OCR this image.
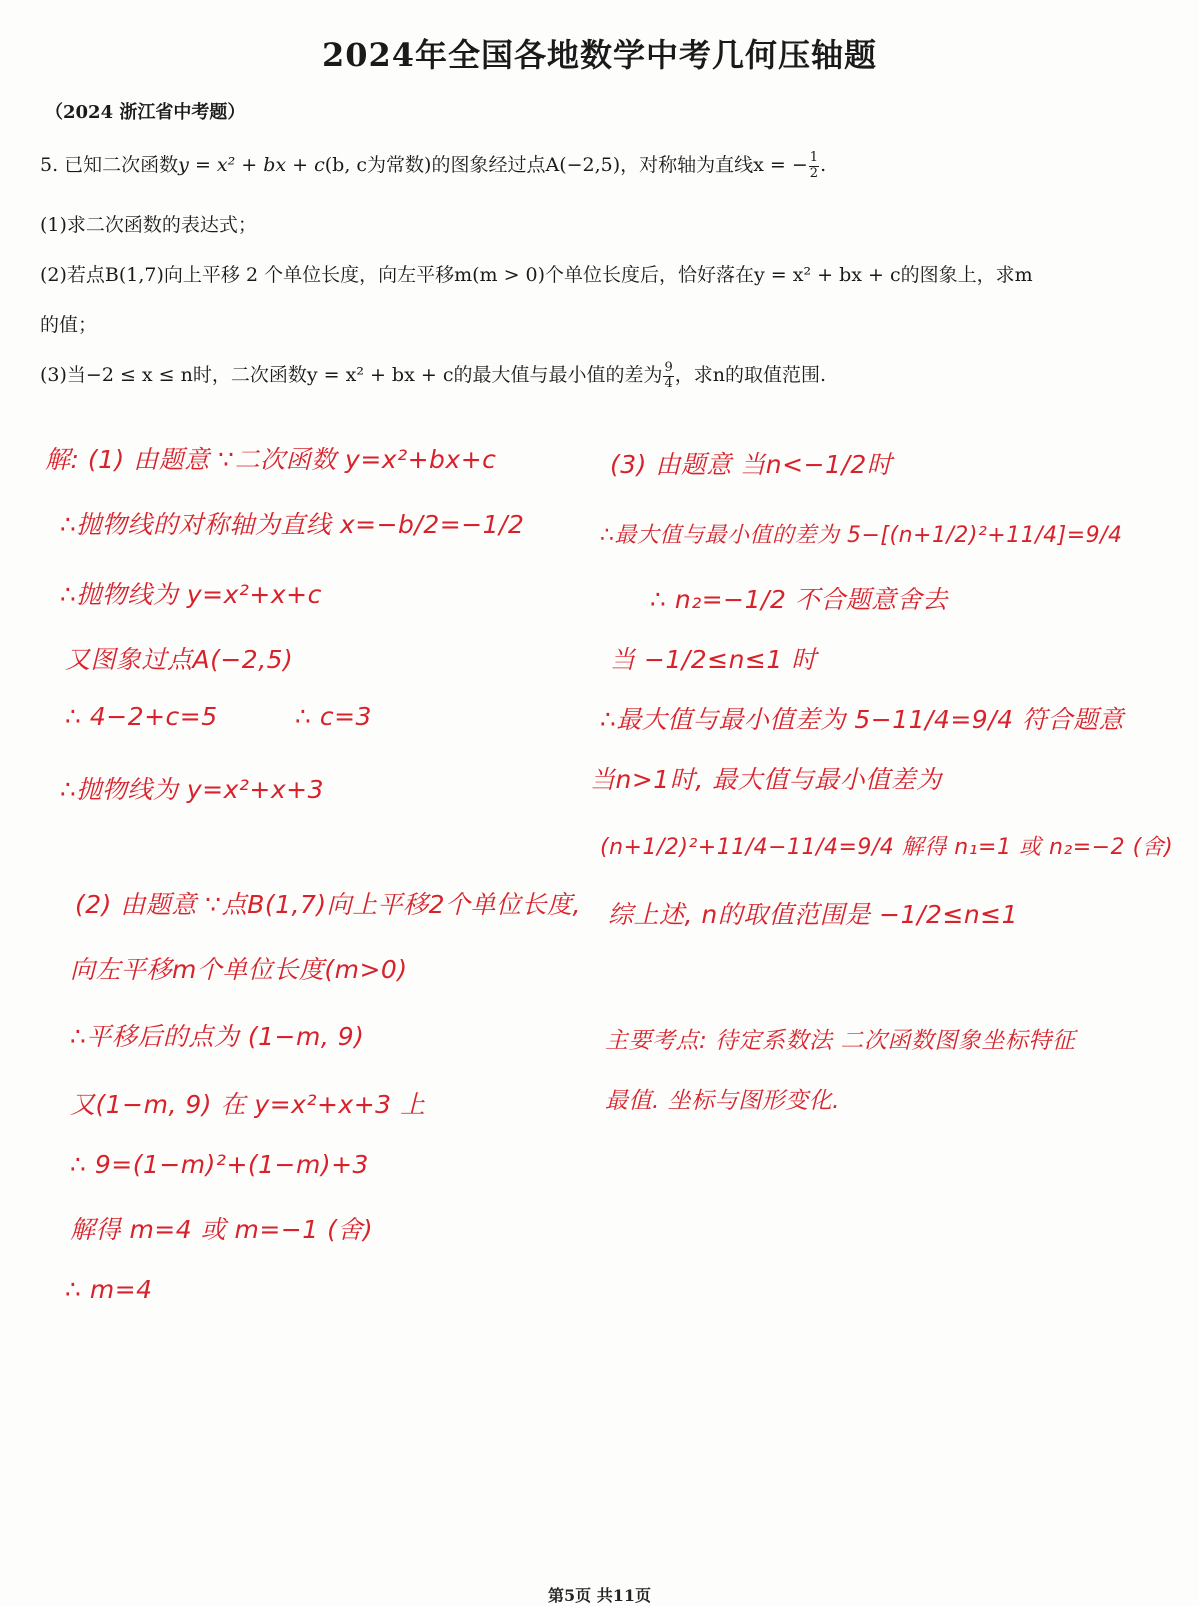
2024年全国各地数学中考几何压轴题
（2024 浙江省中考题）
5. 已知二次函数y = x² + bx + c(b, c为常数)的图象经过点A(−2,5)，对称轴为直线x = − $\frac{1}{2}$ .
(1)求二次函数的表达式；
(2)若点B(1,7)向上平移 2 个单位长度，向左平移m(m > 0)个单位长度后，恰好落在y = x² + bx + c的图象上，求m
的值；
(3)当−2 ≤ x ≤ n时，二次函数y = x² + bx + c的最大值与最小值的差为 $\frac{9}{4}$ ，求n的取值范围.
解: (1) 由题意 ∵二次函数 y=x²+bx+c
∴抛物线的对称轴为直线 x=−b/2=−1/2
∴抛物线为 y=x²+x+c
又图象过点A(−2,5)
∴ 4−2+c=5	∴ c=3
∴抛物线为 y=x²+x+3
(2) 由题意 ∵点B(1,7)向上平移2个单位长度,
向左平移m个单位长度(m>0)
∴平移后的点为 (1−m, 9)
又(1−m, 9) 在 y=x²+x+3 上
∴ 9=(1−m)²+(1−m)+3
解得 m=4 或 m=−1 (舍)
∴ m=4
(3) 由题意 当n<−1/2时
∴最大值与最小值的差为 5−[(n+1/2)²+11/4]=9/4
∴ n₂=−1/2 不合题意舍去
当 −1/2≤n≤1 时
∴最大值与最小值差为 5−11/4=9/4 符合题意
当n>1时, 最大值与最小值差为
(n+1/2)²+11/4−11/4=9/4 解得 n₁=1 或 n₂=−2 (舍)
综上述, n的取值范围是 −1/2≤n≤1
主要考点: 待定系数法 二次函数图象坐标特征
最值. 坐标与图形变化.
第5页 共11页
